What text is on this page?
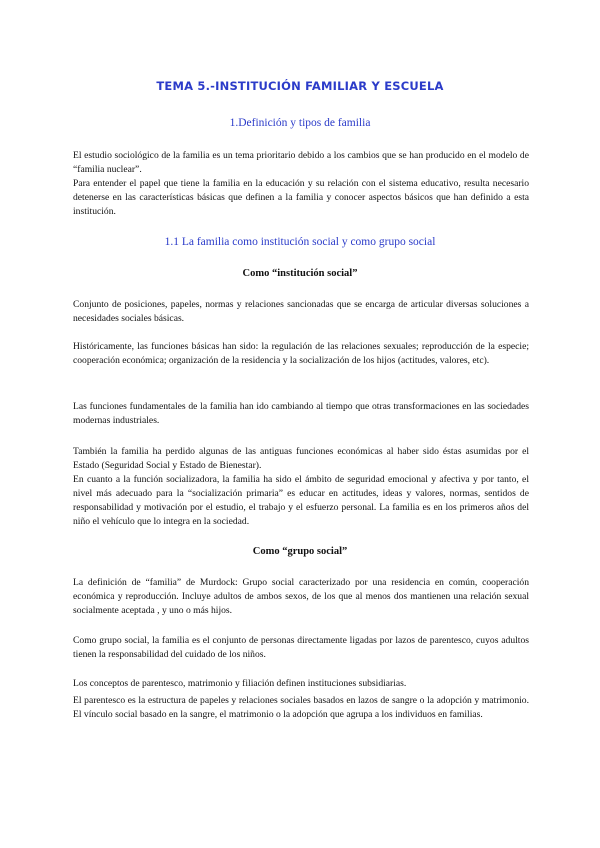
TEMA 5.-INSTITUCIÓN FAMILIAR Y ESCUELA
1.Definición y tipos de familia

El estudio sociológico de la familia es un tema prioritario debido a los cambios que se han producido en el modelo de “familia nuclear”.

Para entender el papel que tiene la familia en la educación y su relación con el sistema educativo, resulta necesario detenerse en las características básicas que definen a la familia y conocer aspectos básicos que han definido a esta institución.

1.1 La familia como institución social y como grupo social
Como “institución social”

Conjunto de posiciones, papeles, normas y relaciones sancionadas que se encarga de articular diversas soluciones a necesidades sociales básicas.

Históricamente, las funciones básicas han sido: la regulación de las relaciones sexuales; reproducción de la especie; cooperación económica; organización de la residencia y la socialización de los hijos (actitudes, valores, etc).

Las funciones fundamentales de la familia han ido cambiando al tiempo que otras transformaciones en las sociedades modernas industriales.

También la familia ha perdido algunas de las antiguas funciones económicas al haber sido éstas asumidas por el Estado (Seguridad Social y Estado de Bienestar).

En cuanto a la función socializadora, la familia ha sido el ámbito de seguridad emocional y afectiva y por tanto, el nivel más adecuado para la “socialización primaria” es educar en actitudes, ideas y valores, normas, sentidos de responsabilidad y motivación por el estudio, el trabajo y el esfuerzo personal. La familia es en los primeros años del niño el vehículo que lo integra en la sociedad.

Como “grupo social”

La definición de “familia” de Murdock: Grupo social caracterizado por una residencia en común, cooperación económica y reproducción. Incluye adultos de ambos sexos, de los que al menos dos mantienen una relación sexual socialmente aceptada , y uno o más hijos.

Como grupo social, la familia es el conjunto de personas directamente ligadas por lazos de parentesco, cuyos adultos tienen la responsabilidad del cuidado de los niños.

Los conceptos de parentesco, matrimonio y filiación definen instituciones subsidiarias.

El parentesco es la estructura de papeles y relaciones sociales basados en lazos de sangre o la adopción y matrimonio. El vínculo social basado en la sangre, el matrimonio o la adopción que agrupa a los individuos en familias.
